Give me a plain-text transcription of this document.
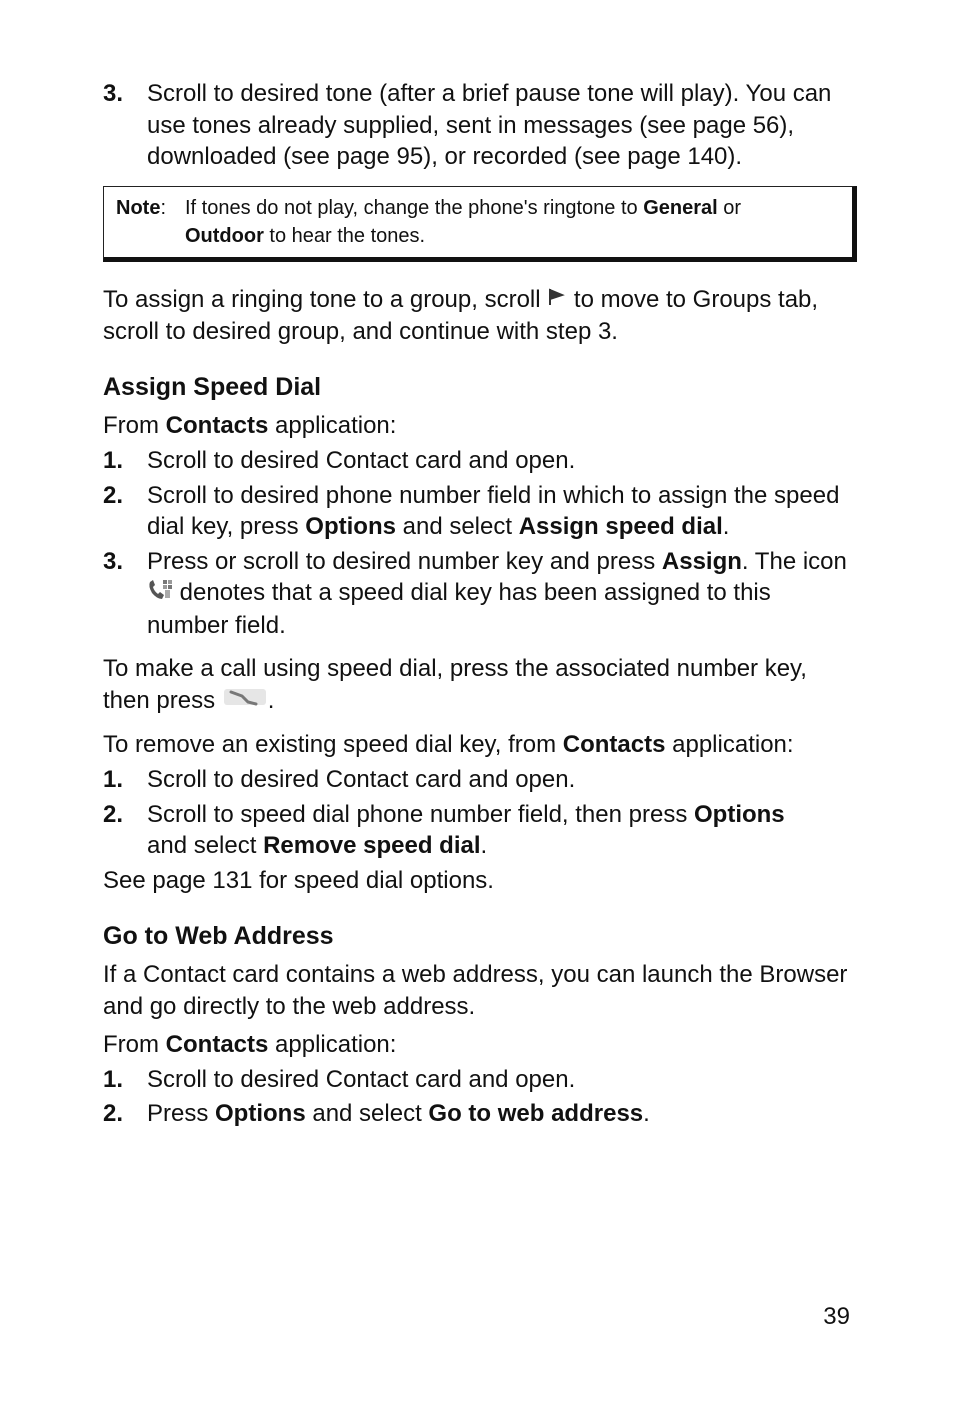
3. Scroll to desired tone (after a brief pause tone will play). You can use tones already supplied, sent in messages (see page 56), downloaded (see page 95), or recorded (see page 140).
Note: If tones do not play, change the phone's ringtone to General or
Outdoor to hear the tones.

To assign a ringing tone to a group, scroll  to move to Groups tab, scroll to desired group, and continue with step 3.

Assign Speed Dial

From Contacts application:

1. Scroll to desired Contact card and open.
2. Scroll to desired phone number field in which to assign the speed dial key, press Options and select Assign speed dial.
3. Press or scroll to desired number key and press Assign. The icon  denotes that a speed dial key has been assigned to this number field.

To make a call using speed dial, press the associated number key, then press .

To remove an existing speed dial key, from Contacts application:

1. Scroll to desired Contact card and open.
2. Scroll to speed dial phone number field, then press Options
and select Remove speed dial.

See page 131 for speed dial options.

Go to Web Address

If a Contact card contains a web address, you can launch the Browser and go directly to the web address.

From Contacts application:

1. Scroll to desired Contact card and open.
2. Press Options and select Go to web address.
39
